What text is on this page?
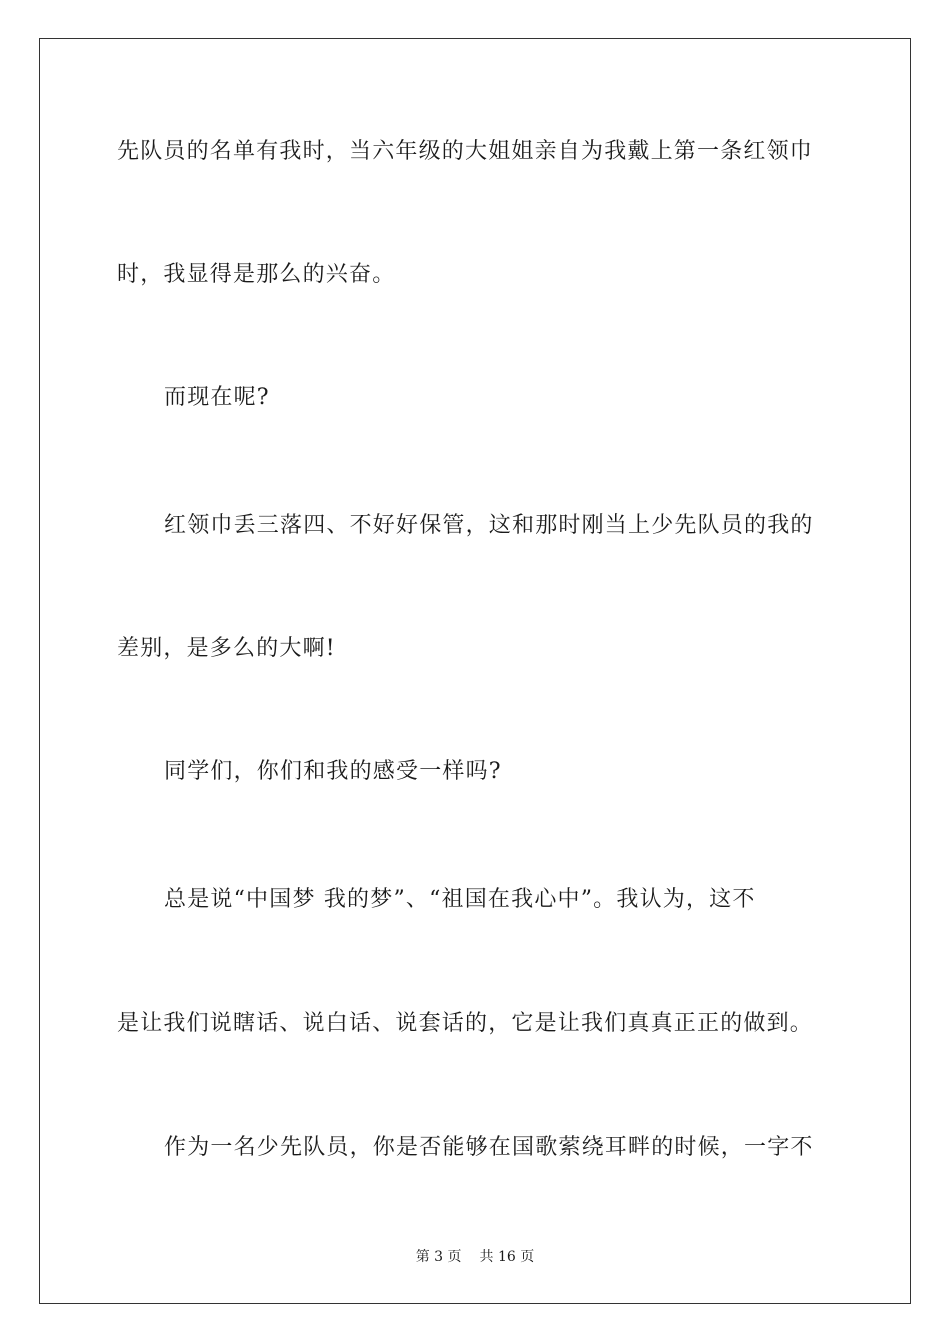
先队员的名单有我时，当六年级的大姐姐亲自为我戴上第一条红领巾
时，我显得是那么的兴奋。
而现在呢?
红领巾丢三落四、不好好保管，这和那时刚当上少先队员的我的
差别，是多么的大啊!
同学们，你们和我的感受一样吗?
总是说“中国梦 我的梦”、“祖国在我心中”。我认为，这不
是让我们说瞎话、说白话、说套话的，它是让我们真真正正的做到。
作为一名少先队员，你是否能够在国歌萦绕耳畔的时候，一字不
第 3 页 共 16 页
